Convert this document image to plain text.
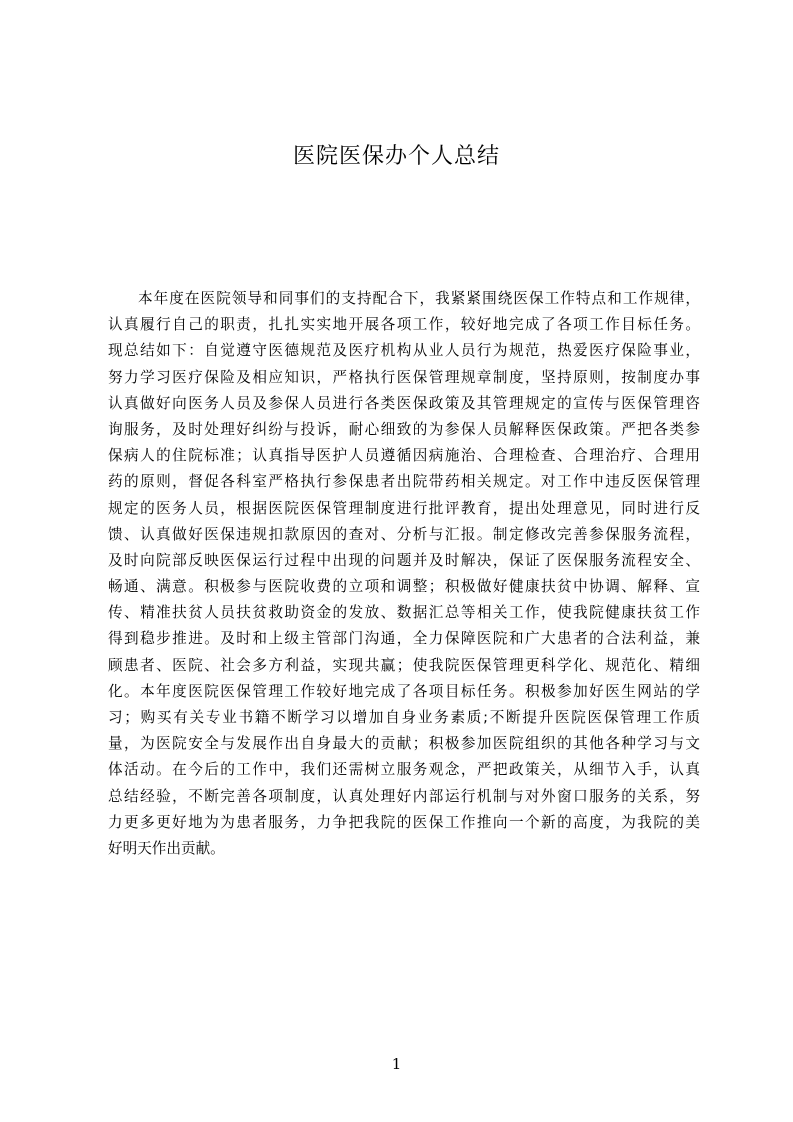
医院医保办个人总结
本年度在医院领导和同事们的支持配合下，我紧紧围绕医保工作特点和工作规律，
认真履行自己的职责，扎扎实实地开展各项工作，较好地完成了各项工作目标任务。
现总结如下：自觉遵守医德规范及医疗机构从业人员行为规范，热爱医疗保险事业，
努力学习医疗保险及相应知识，严格执行医保管理规章制度，坚持原则，按制度办事
认真做好向医务人员及参保人员进行各类医保政策及其管理规定的宣传与医保管理咨
询服务，及时处理好纠纷与投诉，耐心细致的为参保人员解释医保政策。严把各类参
保病人的住院标准；认真指导医护人员遵循因病施治、合理检查、合理治疗、合理用
药的原则，督促各科室严格执行参保患者出院带药相关规定。对工作中违反医保管理
规定的医务人员，根据医院医保管理制度进行批评教育，提出处理意见，同时进行反
馈、认真做好医保违规扣款原因的查对、分析与汇报。制定修改完善参保服务流程，
及时向院部反映医保运行过程中出现的问题并及时解决，保证了医保服务流程安全、
畅通、满意。积极参与医院收费的立项和调整；积极做好健康扶贫中协调、解释、宣
传、精准扶贫人员扶贫救助资金的发放、数据汇总等相关工作，使我院健康扶贫工作
得到稳步推进。及时和上级主管部门沟通，全力保障医院和广大患者的合法利益，兼
顾患者、医院、社会多方利益，实现共赢；使我院医保管理更科学化、规范化、精细
化。本年度医院医保管理工作较好地完成了各项目标任务。积极参加好医生网站的学
习；购买有关专业书籍不断学习以增加自身业务素质;不断提升医院医保管理工作质
量，为医院安全与发展作出自身最大的贡献；积极参加医院组织的其他各种学习与文
体活动。在今后的工作中，我们还需树立服务观念，严把政策关，从细节入手，认真
总结经验，不断完善各项制度，认真处理好内部运行机制与对外窗口服务的关系，努
力更多更好地为为患者服务，力争把我院的医保工作推向一个新的高度，为我院的美
好明天作出贡献。
1
